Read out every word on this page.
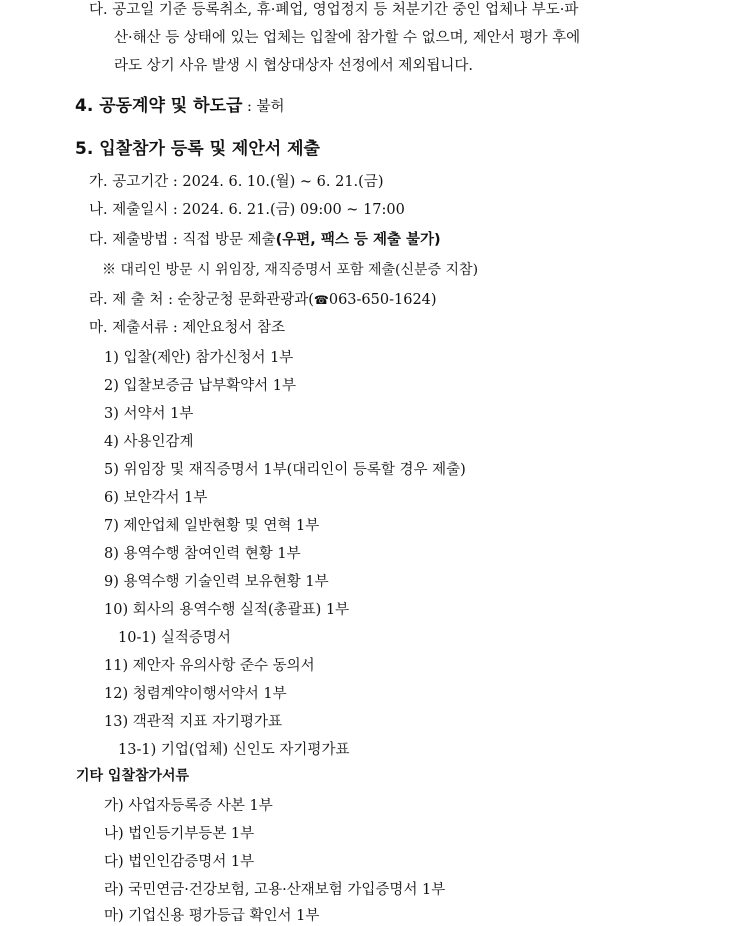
다. 공고일 기준 등록취소, 휴·폐업, 영업정지 등 처분기간 중인 업체나 부도·파
산·해산 등 상태에 있는 업체는 입찰에 참가할 수 없으며, 제안서 평가 후에
라도 상기 사유 발생 시 협상대상자 선정에서 제외됩니다.
4. 공동계약 및 하도급 : 불허
5. 입찰참가 등록 및 제안서 제출
가. 공고기간 : 2024. 6. 10.(월) ~ 6. 21.(금)
나. 제출일시 : 2024. 6. 21.(금) 09:00 ~ 17:00
다. 제출방법 : 직접 방문 제출(우편, 팩스 등 제출 불가)
※ 대리인 방문 시 위임장, 재직증명서 포함 제출(신분증 지참)
라. 제 출 처 : 순창군청 문화관광과(☎063-650-1624)
마. 제출서류 : 제안요청서 참조
1) 입찰(제안) 참가신청서 1부
2) 입찰보증금 납부확약서 1부
3) 서약서 1부
4) 사용인감계
5) 위임장 및 재직증명서 1부(대리인이 등록할 경우 제출)
6) 보안각서 1부
7) 제안업체 일반현황 및 연혁 1부
8) 용역수행 참여인력 현황 1부
9) 용역수행 기술인력 보유현황 1부
10) 회사의 용역수행 실적(총괄표) 1부
10-1) 실적증명서
11) 제안자 유의사항 준수 동의서
12) 청렴계약이행서약서 1부
13) 객관적 지표 자기평가표
13-1) 기업(업체) 신인도 자기평가표
기타 입찰참가서류
가) 사업자등록증 사본 1부
나) 법인등기부등본 1부
다) 법인인감증명서 1부
라) 국민연금·건강보험, 고용·산재보험 가입증명서 1부
마) 기업신용 평가등급 확인서 1부
